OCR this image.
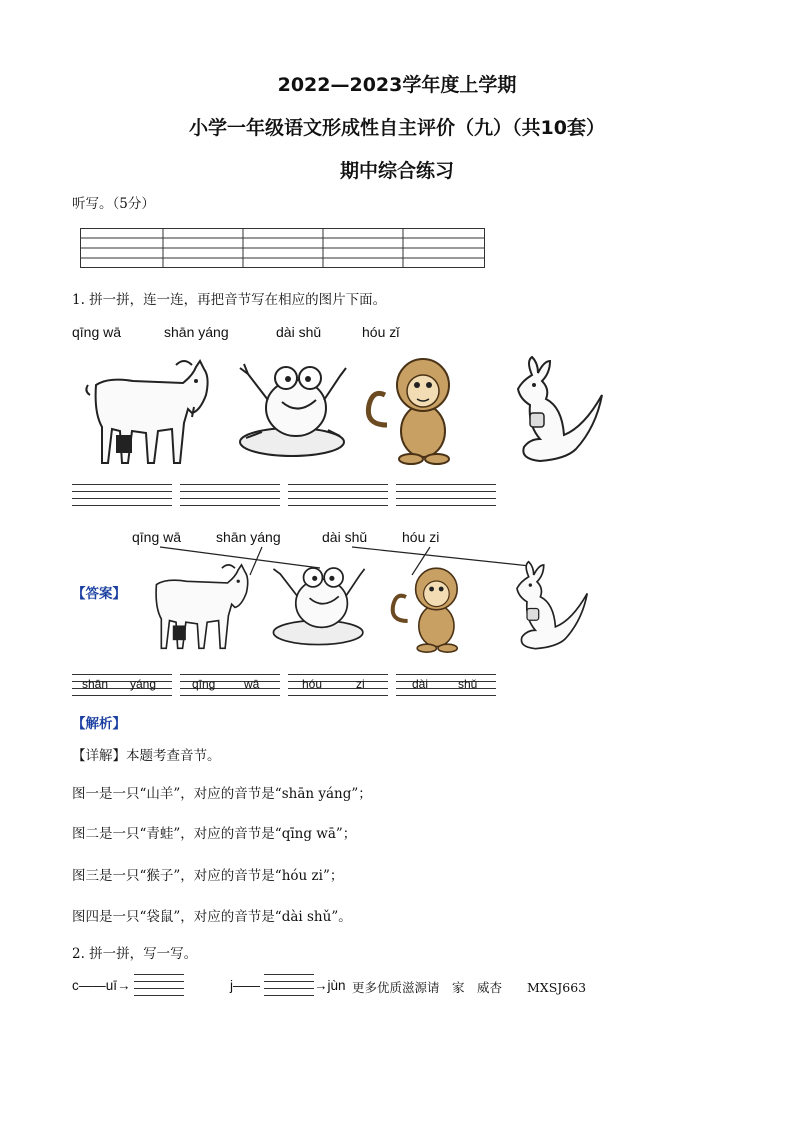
2022—2023学年度上学期
小学一年级语文形成性自主评价（九）（共10套）
期中综合练习
听写。（5分）
1. 拼一拼，连一连，再把音节写在相应的图片下面。
qīng wā	shān yáng	dài shǔ	hóu zǐ
qīng wā shān yáng	dài shǔ hóu zi
【答案】
shān yáng	qīng wā	hóu	zi	dài shǔ
【解析】
【详解】本题考查音节。
图一是一只“山羊”，对应的音节是“shān yáng”；
图二是一只“青蛙”，对应的音节是“qīng wā”；
图三是一只“猴子”，对应的音节是“hóu zi”；
图四是一只“袋鼠”，对应的音节是“dài shǔ”。
2. 拼一拼，写一写。
c——uī→	j——	→jùn 更多优质滋源请　家　威杏　　MXSJ663
